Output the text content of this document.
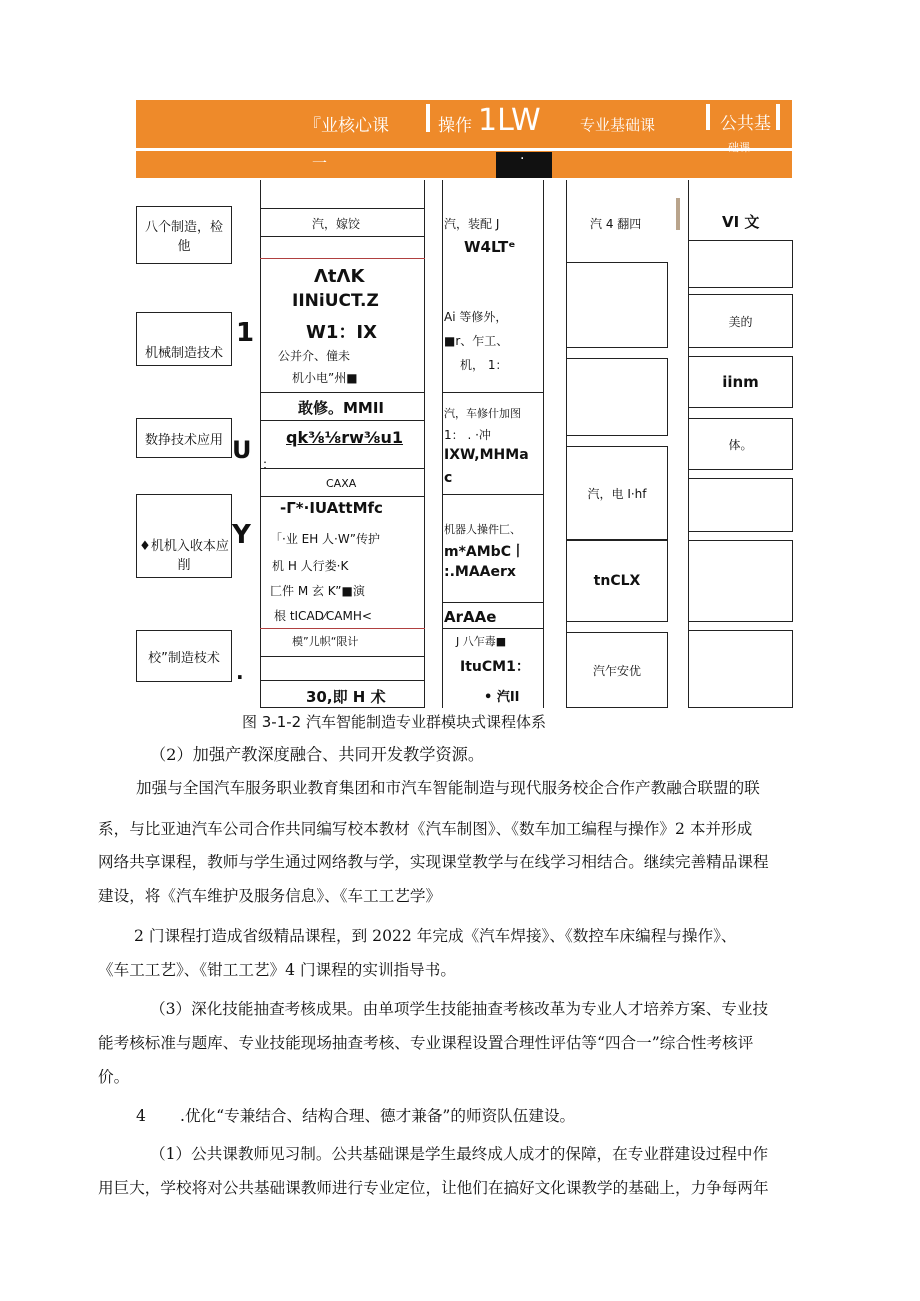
『业核心课	操作 1LW	专业基础课	公共基
础课
一	·
八个制造，检
他
机械制造技术
数挣技术应用
♦机机入收本应
削
校”制造枝术
1
U
Y
.
汽，嫁饺
ΛtΛK
IINiUCT.Z
W1：IX
公并介、僮未
机小电”州■
敢修。MMII
qk⅜⅛rw⅜u1
：
CAXA
-Γ*·IUAttMfc
「·业 EH 人·W”传护
机 H 人行娄·K
匚件 M 玄 K”■演
根 tICAD⁄CAMH<
模”儿帜“限计
30,即 H 术
汽，装配 J
W4LTᵉ
Ai 等修外，
■r、乍工、
机， 1：
汽，车修什加图
1： . ·冲
IXW,MHMa
c
机器人操件匚、
m*AMbC丨
:.MAAerx
ArAAe
J 八乍毒■
ItuCM1：
• 汽II
汽 4 翻四
汽，电 I·hf
tnCLX
汽乍安优
VI 文
美的
iinm
体。
图 3-1-2 汽车智能制造专业群模块式课程体系
（2）加强产教深度融合、共同开发教学资源。
加强与全国汽车服务职业教育集团和市汽车智能制造与现代服务校企合作产教融合联盟的联
系，与比亚迪汽车公司合作共同编写校本教材《汽车制图》、《数车加工编程与操作》2 本并形成
网络共享课程，教师与学生通过网络教与学，实现课堂教学与在线学习相结合。继续完善精品课程
建设，将《汽车维护及服务信息》、《车工工艺学》
2 门课程打造成省级精品课程，到 2022 年完成《汽车焊接》、《数控车床编程与操作》、
《车工工艺》、《钳工工艺》4 门课程的实训指导书。
（3）深化技能抽查考核成果。由单项学生技能抽查考核改革为专业人才培养方案、专业技
能考核标准与题库、专业技能现场抽查考核、专业课程设置合理性评估等“四合一”综合性考核评
价。
4 .优化“专兼结合、结构合理、德才兼备”的师资队伍建设。
（1）公共课教师见习制。公共基础课是学生最终成人成才的保障，在专业群建设过程中作
用巨大，学校将对公共基础课教师进行专业定位，让他们在搞好文化课教学的基础上，力争每两年
